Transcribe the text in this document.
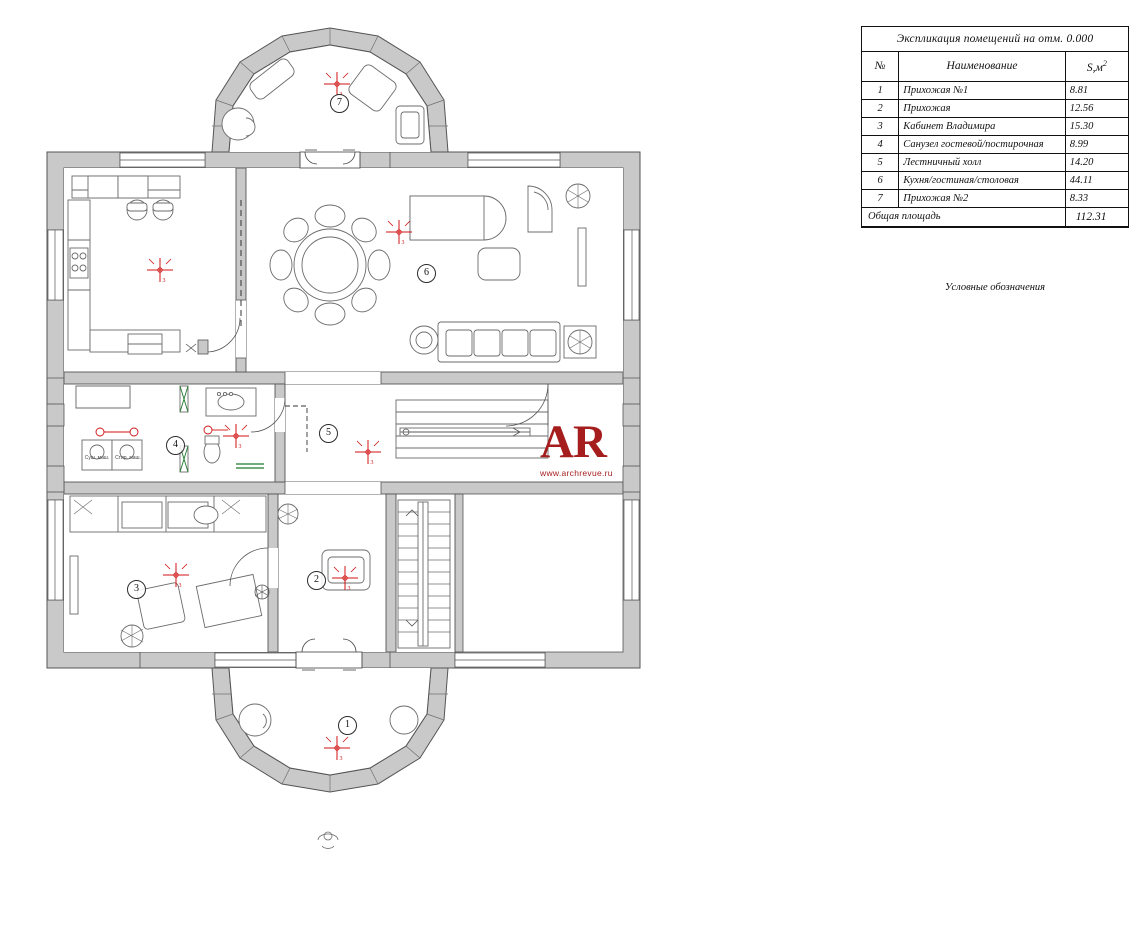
3
7
6
4
5
3
2
1
Суш. маш. Стир. маш.	AR
www.archrevue.ru
Экспликация помещений на отм. 0.000
№	Наименование	$S,м^2$
1	Прихожая №1	8.81
2	Прихожая	12.56
3	Кабинет Владимира	15.30
4	Санузел гостевой/постирочная	8.99
5	Лестничный холл	14.20
6	Кухня/гостиная/столовая	44.11
7	Прихожая №2	8.33
Общая площадь		112.31
Условные обозначения
